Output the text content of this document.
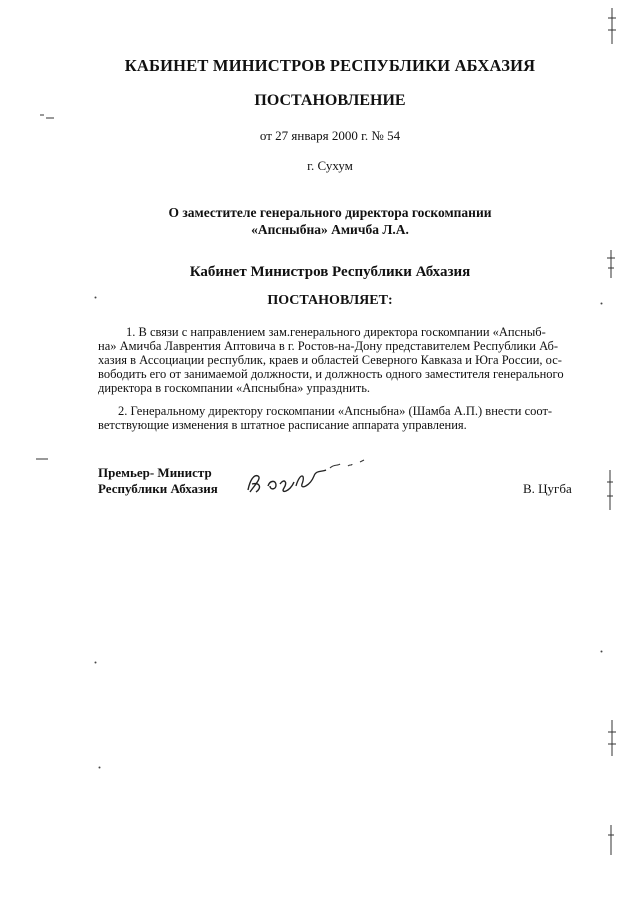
КАБИНЕТ МИНИСТРОВ РЕСПУБЛИКИ АБХАЗИЯ
ПОСТАНОВЛЕНИЕ
от 27 января 2000 г. № 54
г. Сухум
О заместителе генерального директора госкомпании
«Апсныбна» Амичба Л.А.
Кабинет Министров Республики Абхазия
ПОСТАНОВЛЯЕТ:
1. В связи с направлением зам.генерального директора госкомпании «Апсныб-
на» Амичба Лаврентия Аптовича в г. Ростов-на-Дону представителем Республики Аб-
хазия в Ассоциации республик, краев и областей Северного Кавказа и Юга России, ос-
вободить его от занимаемой должности, и должность одного заместителя генерального
директора в госкомпании «Апсныбна» упразднить.
2. Генеральному директору госкомпании «Апсныбна» (Шамба А.П.) внести соот-
ветствующие изменения в штатное расписание аппарата управления.
Премьер- Министр
Республики Абхазия	В. Цугба
